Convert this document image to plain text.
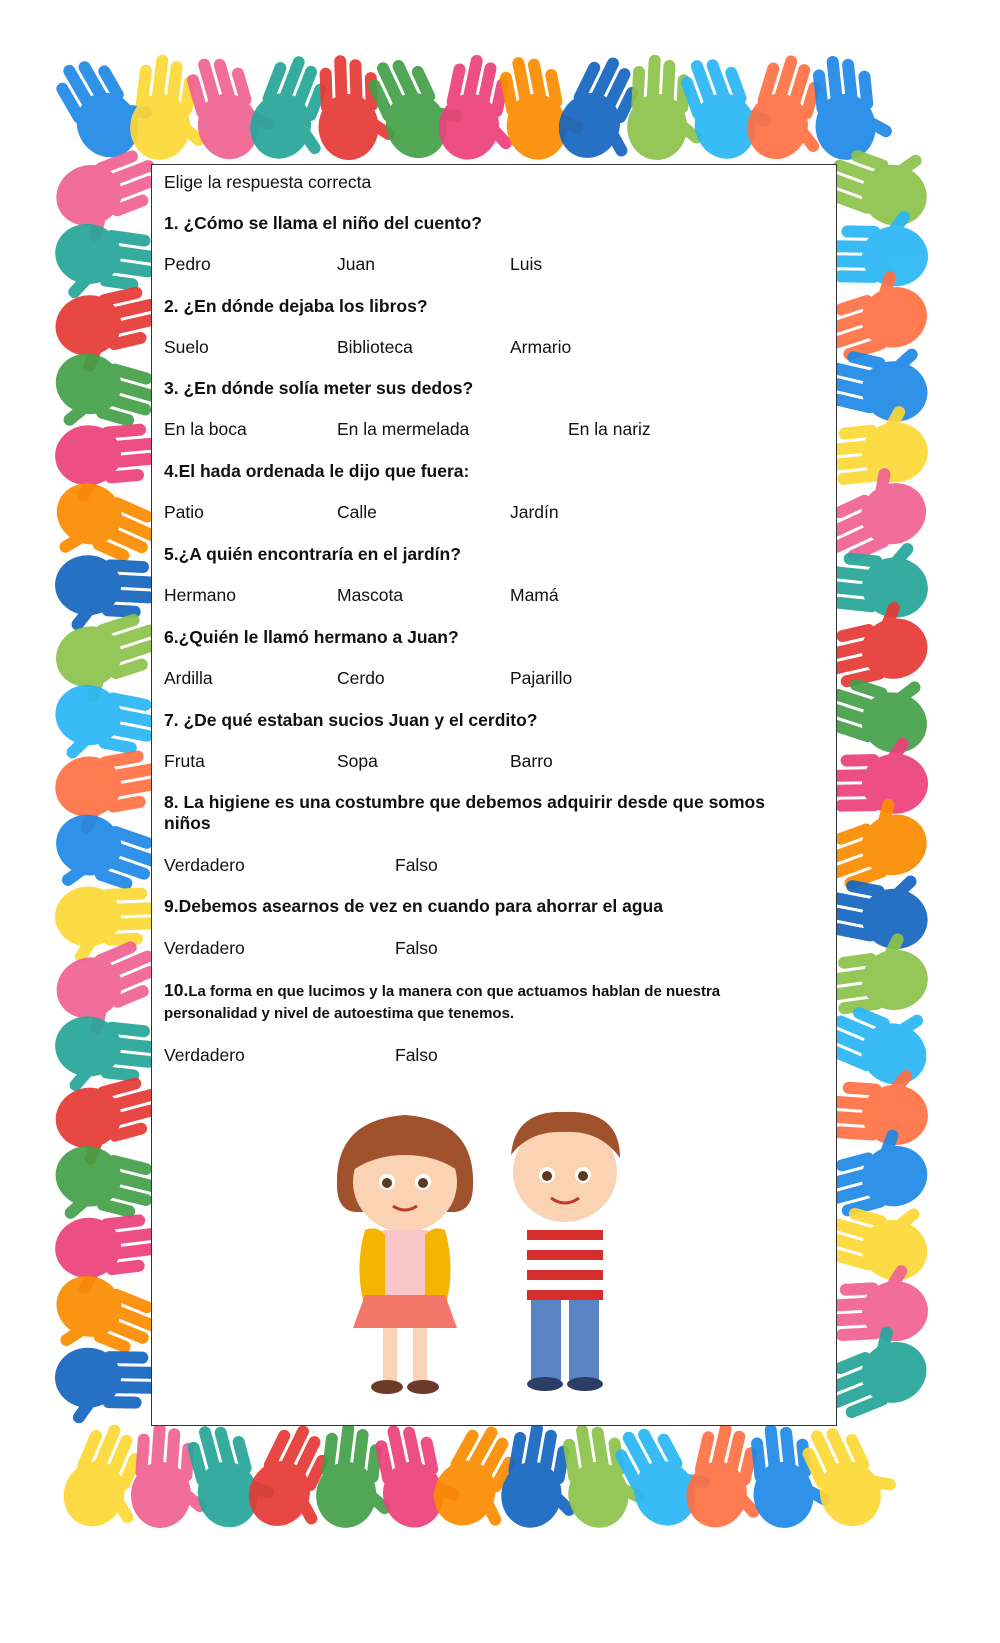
Elige la respuesta correcta
1. ¿Cómo se llama el niño del cuento?
Pedro	Juan	Luis
2. ¿En dónde dejaba los libros?
Suelo	Biblioteca	Armario
3. ¿En dónde solía meter sus dedos?
En la boca	En la mermelada	En la nariz
4.El hada ordenada le dijo que fuera:
Patio	Calle	Jardín
5.¿A quién encontraría en el jardín?
Hermano	Mascota	Mamá
6.¿Quién le llamó hermano a Juan?
Ardilla	Cerdo	Pajarillo
7. ¿De qué estaban sucios Juan y el cerdito?
Fruta	Sopa	Barro
8. La higiene es una costumbre que debemos adquirir desde que somos niños
Verdadero	Falso
9.Debemos asearnos de vez en cuando para ahorrar el agua
Verdadero	Falso
10.La forma en que lucimos y la manera con que actuamos hablan de nuestra personalidad y nivel de autoestima que tenemos.
Verdadero	Falso
